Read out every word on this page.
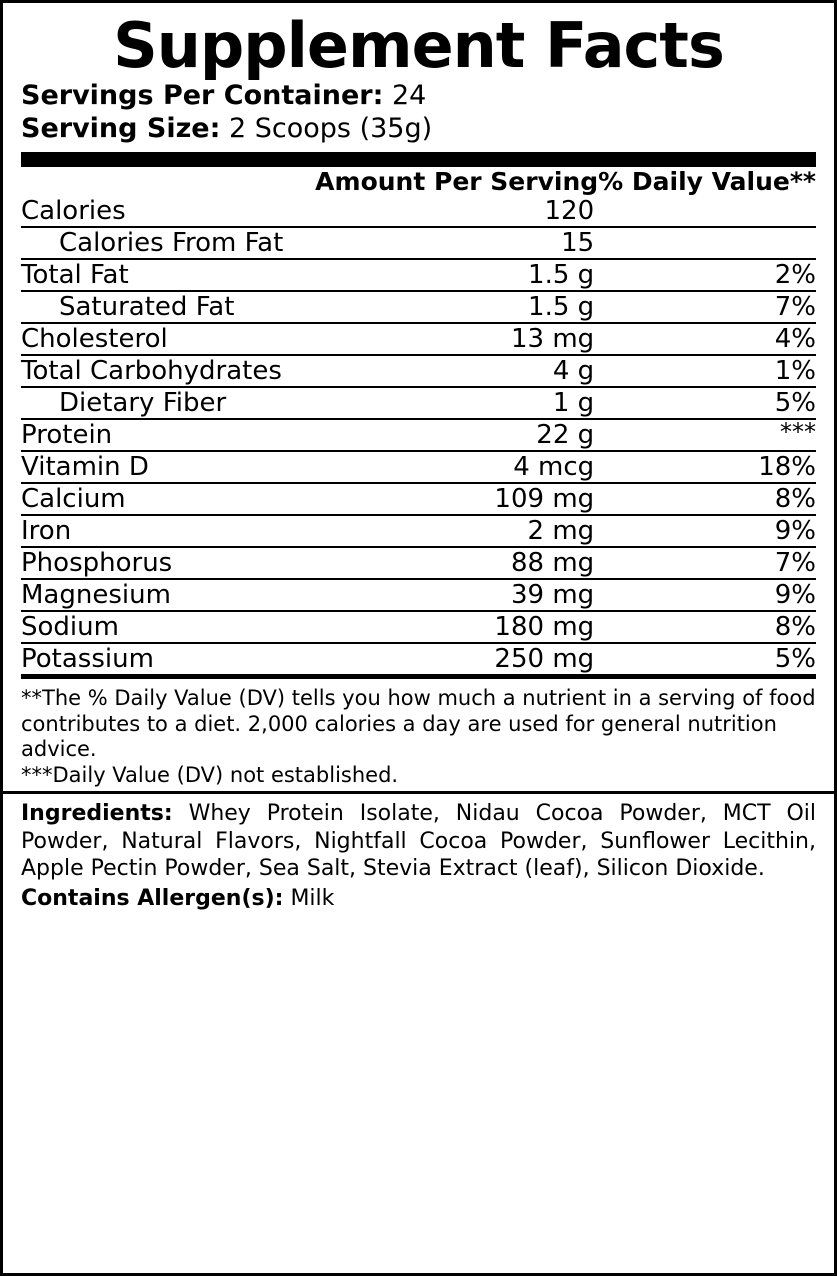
Supplement Facts
Servings Per Container: 24
Serving Size: 2 Scoops (35g)
	Amount Per Serving	% Daily Value**
Calories	120	
Calories From Fat	15	
Total Fat	1.5 g	2%
Saturated Fat	1.5 g	7%
Cholesterol	13 mg	4%
Total Carbohydrates	4 g	1%
Dietary Fiber	1 g	5%
Protein	22 g	***
Vitamin D	4 mcg	18%
Calcium	109 mg	8%
Iron	2 mg	9%
Phosphorus	88 mg	7%
Magnesium	39 mg	9%
Sodium	180 mg	8%
Potassium	250 mg	5%

**The % Daily Value (DV) tells you how much a nutrient in a serving of food contributes to a diet. 2,000 calories a day are used for general nutrition advice.

***Daily Value (DV) not established.

Ingredients: Whey Protein Isolate, Nidau Cocoa Powder, MCT Oil Powder, Natural Flavors, Nightfall Cocoa Powder, Sunflower Lecithin, Apple Pectin Powder, Sea Salt, Stevia Extract (leaf), Silicon Dioxide.

Contains Allergen(s): Milk
